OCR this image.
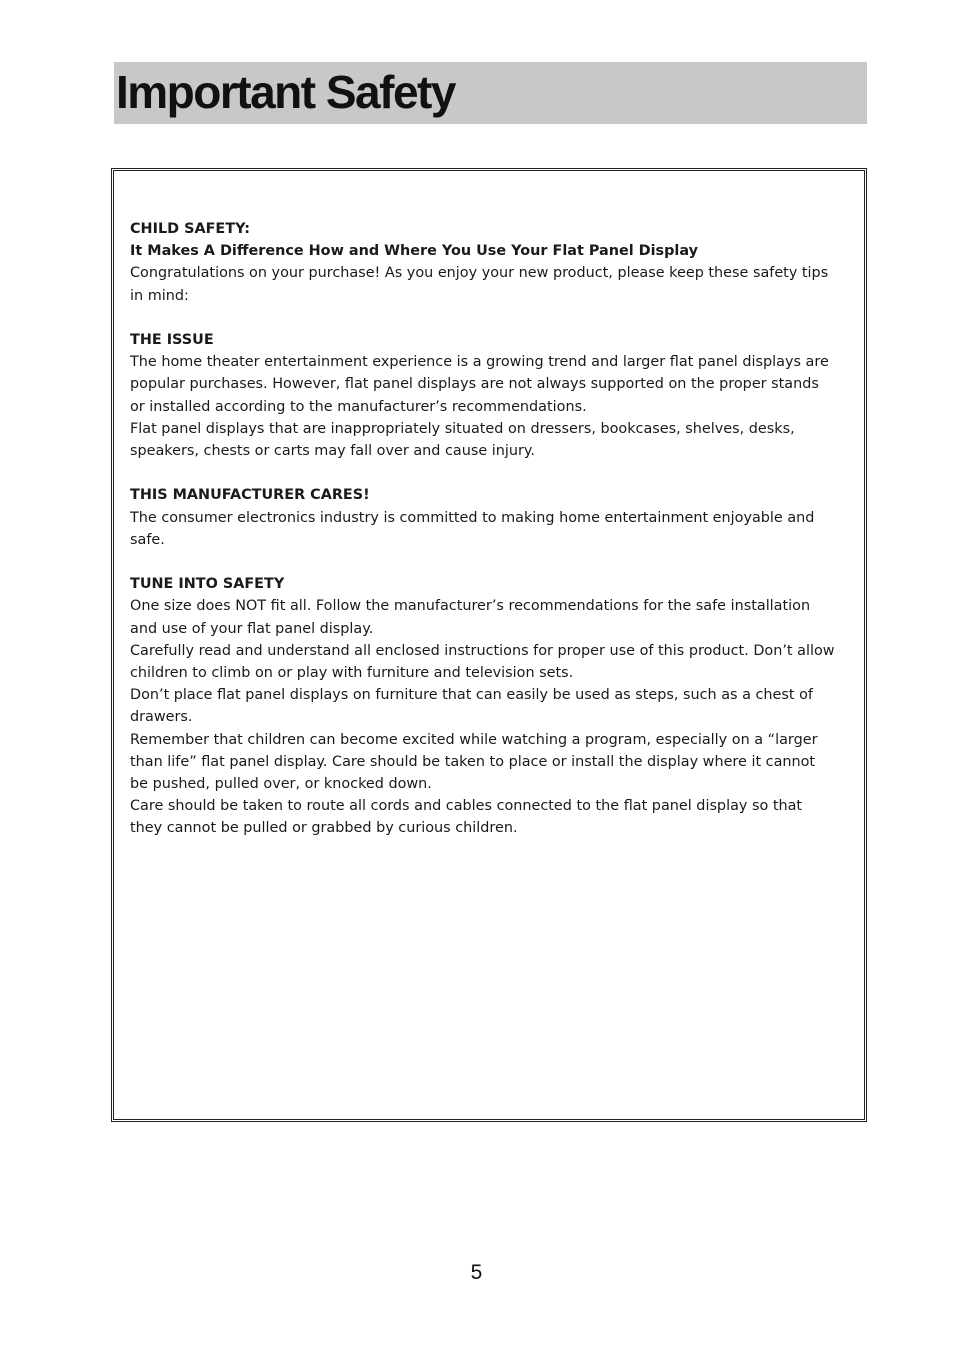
Important Safety

CHILD SAFETY:

It Makes A Difference How and Where You Use Your Flat Panel Display

Congratulations on your purchase! As you enjoy your new product, please keep these safety tips in mind:

THE ISSUE

The home theater entertainment experience is a growing trend and larger flat panel displays are popular purchases. However, flat panel displays are not always supported on the proper stands or installed according to the manufacturer’s recommendations.

Flat panel displays that are inappropriately situated on dressers, bookcases, shelves, desks, speakers, chests or carts may fall over and cause injury.

THIS MANUFACTURER CARES!

The consumer electronics industry is committed to making home entertainment enjoyable and safe.

TUNE INTO SAFETY

One size does NOT fit all. Follow the manufacturer’s recommendations for the safe installation and use of your flat panel display.

Carefully read and understand all enclosed instructions for proper use of this product. Don’t allow children to climb on or play with furniture and television sets.

Don’t place flat panel displays on furniture that can easily be used as steps, such as a chest of drawers.

Remember that children can become excited while watching a program, especially on a “larger than life” flat panel display. Care should be taken to place or install the display where it cannot be pushed, pulled over, or knocked down.

Care should be taken to route all cords and cables connected to the flat panel display so that they cannot be pulled or grabbed by curious children.

5
